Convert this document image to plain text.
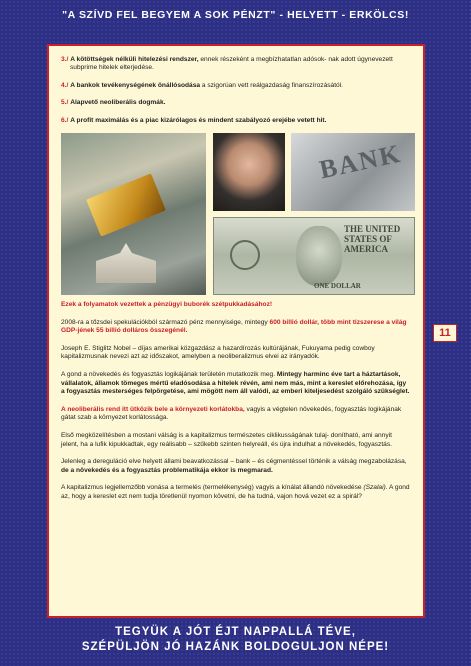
"A SZÍVD FEL BEGYEM A SOK PÉNZT" - HELYETT - ERKÖLCS!
3./ A kötöttségek nélküli hitelezési rendszer, ennek részeként a megbízhatatlan adósok- nak adott úgynevezett subprime hitelek elterjedése.
4./ A bankok tevékenységének önállósodása a szigorúan vett reálgazdaság finanszírozásától.
5./ Alapvető neoliberális dogmák.
6./ A profit maximálás és a piac kizárólagos és mindent szabályozó erejébe vetett hit.
BANK
THE UNITED STATES OF AMERICA
ONE DOLLAR

Ezek a folyamatok vezettek a pénzügyi buborék szétpukkadásához!

2008-ra a tőzsdei spekulációkból származó pénz mennyisége, mintegy 600 billió dollár, több mint tízszerese a világ GDP-jének 55 billió dolláros összegénél.

Joseph E. Stiglitz Nobel – díjas amerikai közgazdász a hazardírozás kultúrájának, Fukuyama pedig cowboy kapitalizmusnak nevezi azt az időszakot, amelyben a neoliberalizmus elvei az irányadók.

A gond a növekedés és fogyasztás logikájának területén mutatkozik meg. Mintegy harminc éve tart a háztartások, vállalatok, államok tömeges mértű eladósodása a hitelek révén, ami nem más, mint a kereslet előrehozása, így a fogyasztás mesterséges felpörgetése, ami mögött nem áll valódi, az emberi kiteljesedést szolgáló szükséglet.

A neoliberális rend itt ütközik bele a környezeti korlátokba, vagyis a végtelen növekedés, fogyasztás logikájának gátat szab a környezet korlátossága.

Első megközelítésben a mostani válság is a kapitalizmus természetes ciklikusságának tulaj- donítható, ami annyit jelent, ha a lufik kipukkadtak, egy reálisabb – szűkebb szinten helyreáll, és újra indulhat a növekedés, fogyasztás.

Jelenleg a dereguláció elve helyett állami beavatkozással – bank – és cégmentéssel történik a válság megzabolázása, de a növekedés és a fogyasztás problematikája ekkor is megmarad.

A kapitalizmus legjellemzőbb vonása a termelés (termelékenység) vagyis a kínálat állandó növekedése (Szalai). A gond az, hogy a kereslet ezt nem tudja töretlenül nyomon követni, de ha tudná, vajon hová vezet ez a spirál?

11
TEGYÜK A JÓT ÉJT NAPPALLÁ TÉVE,
SZÉPÜLJÖN JÓ HAZÁNK BOLDOGULJON NÉPE!
